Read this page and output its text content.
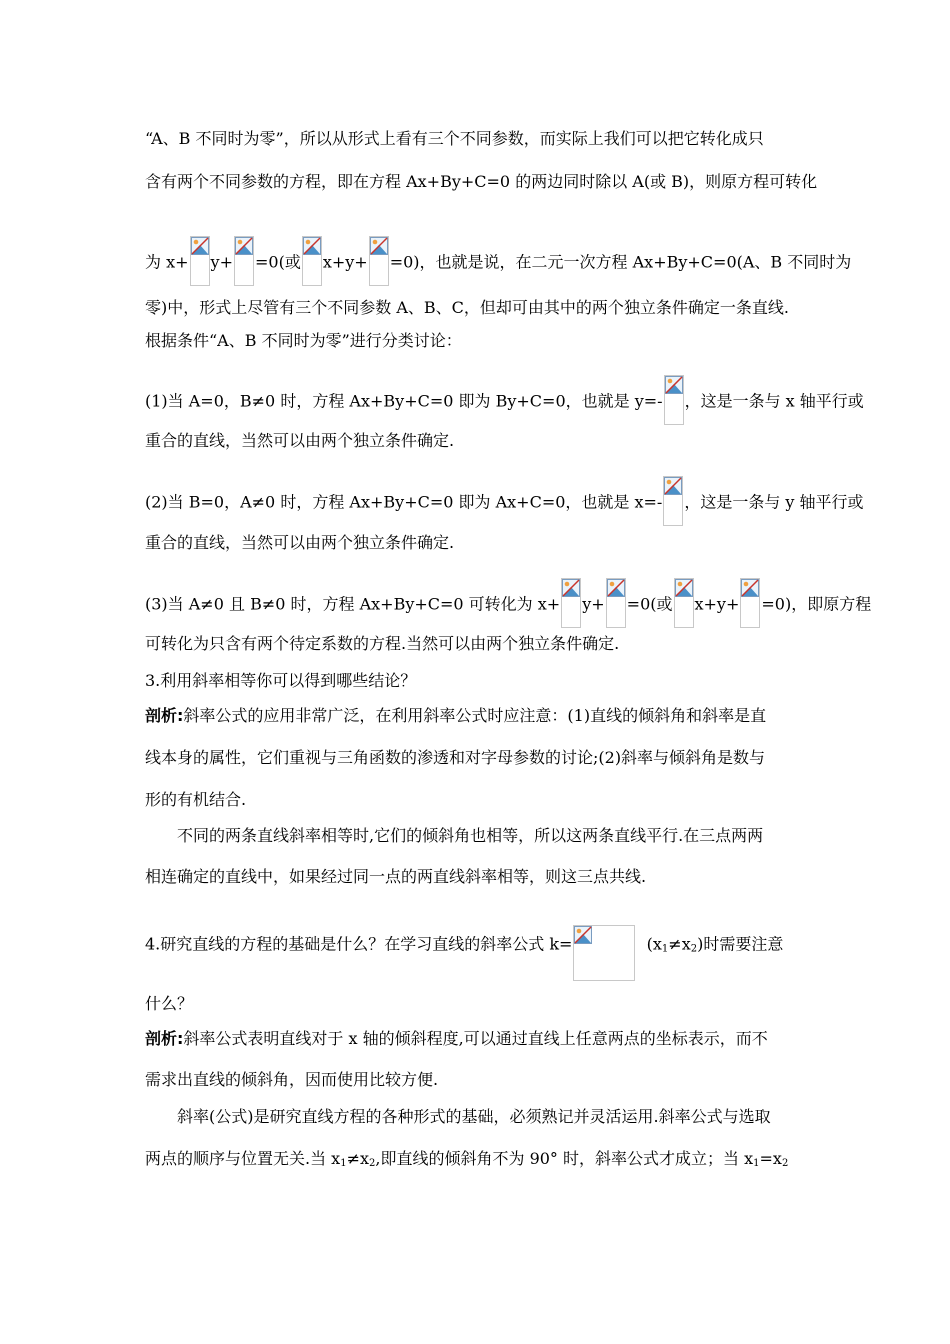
“A、B 不同时为零”，所以从形式上看有三个不同参数，而实际上我们可以把它转化成只
含有两个不同参数的方程，即在方程 Ax+By+C=0 的两边同时除以 A(或 B)，则原方程可转化
为 x+ y+ =0(或 x+y+ =0)，也就是说，在二元一次方程 Ax+By+C=0(A、B 不同时为
零)中，形式上尽管有三个不同参数 A、B、C，但却可由其中的两个独立条件确定一条直线.
根据条件“A、B 不同时为零”进行分类讨论：
(1)当 A=0，B≠0 时，方程 Ax+By+C=0 即为 By+C=0，也就是 y=- ，这是一条与 x 轴平行或
重合的直线，当然可以由两个独立条件确定.
(2)当 B=0，A≠0 时，方程 Ax+By+C=0 即为 Ax+C=0，也就是 x=- ，这是一条与 y 轴平行或
重合的直线，当然可以由两个独立条件确定.
(3)当 A≠0 且 B≠0 时，方程 Ax+By+C=0 可转化为 x+ y+ =0(或 x+y+ =0)，即原方程
可转化为只含有两个待定系数的方程.当然可以由两个独立条件确定.
3.利用斜率相等你可以得到哪些结论？
剖析:斜率公式的应用非常广泛，在利用斜率公式时应注意：(1)直线的倾斜角和斜率是直
线本身的属性，它们重视与三角函数的渗透和对字母参数的讨论;(2)斜率与倾斜角是数与
形的有机结合.
不同的两条直线斜率相等时,它们的倾斜角也相等，所以这两条直线平行.在三点两两
相连确定的直线中，如果经过同一点的两直线斜率相等，则这三点共线.
4.研究直线的方程的基础是什么？在学习直线的斜率公式 k=	$(x_1\ne x_2)$时需要注意
什么？
剖析:斜率公式表明直线对于 x 轴的倾斜程度,可以通过直线上任意两点的坐标表示，而不
需求出直线的倾斜角，因而使用比较方便.
斜率(公式)是研究直线方程的各种形式的基础，必须熟记并灵活运用.斜率公式与选取
两点的顺序与位置无关.当 $x_1\ne x_2$,即直线的倾斜角不为 90° 时，斜率公式才成立；当 $x_1=x_2$
